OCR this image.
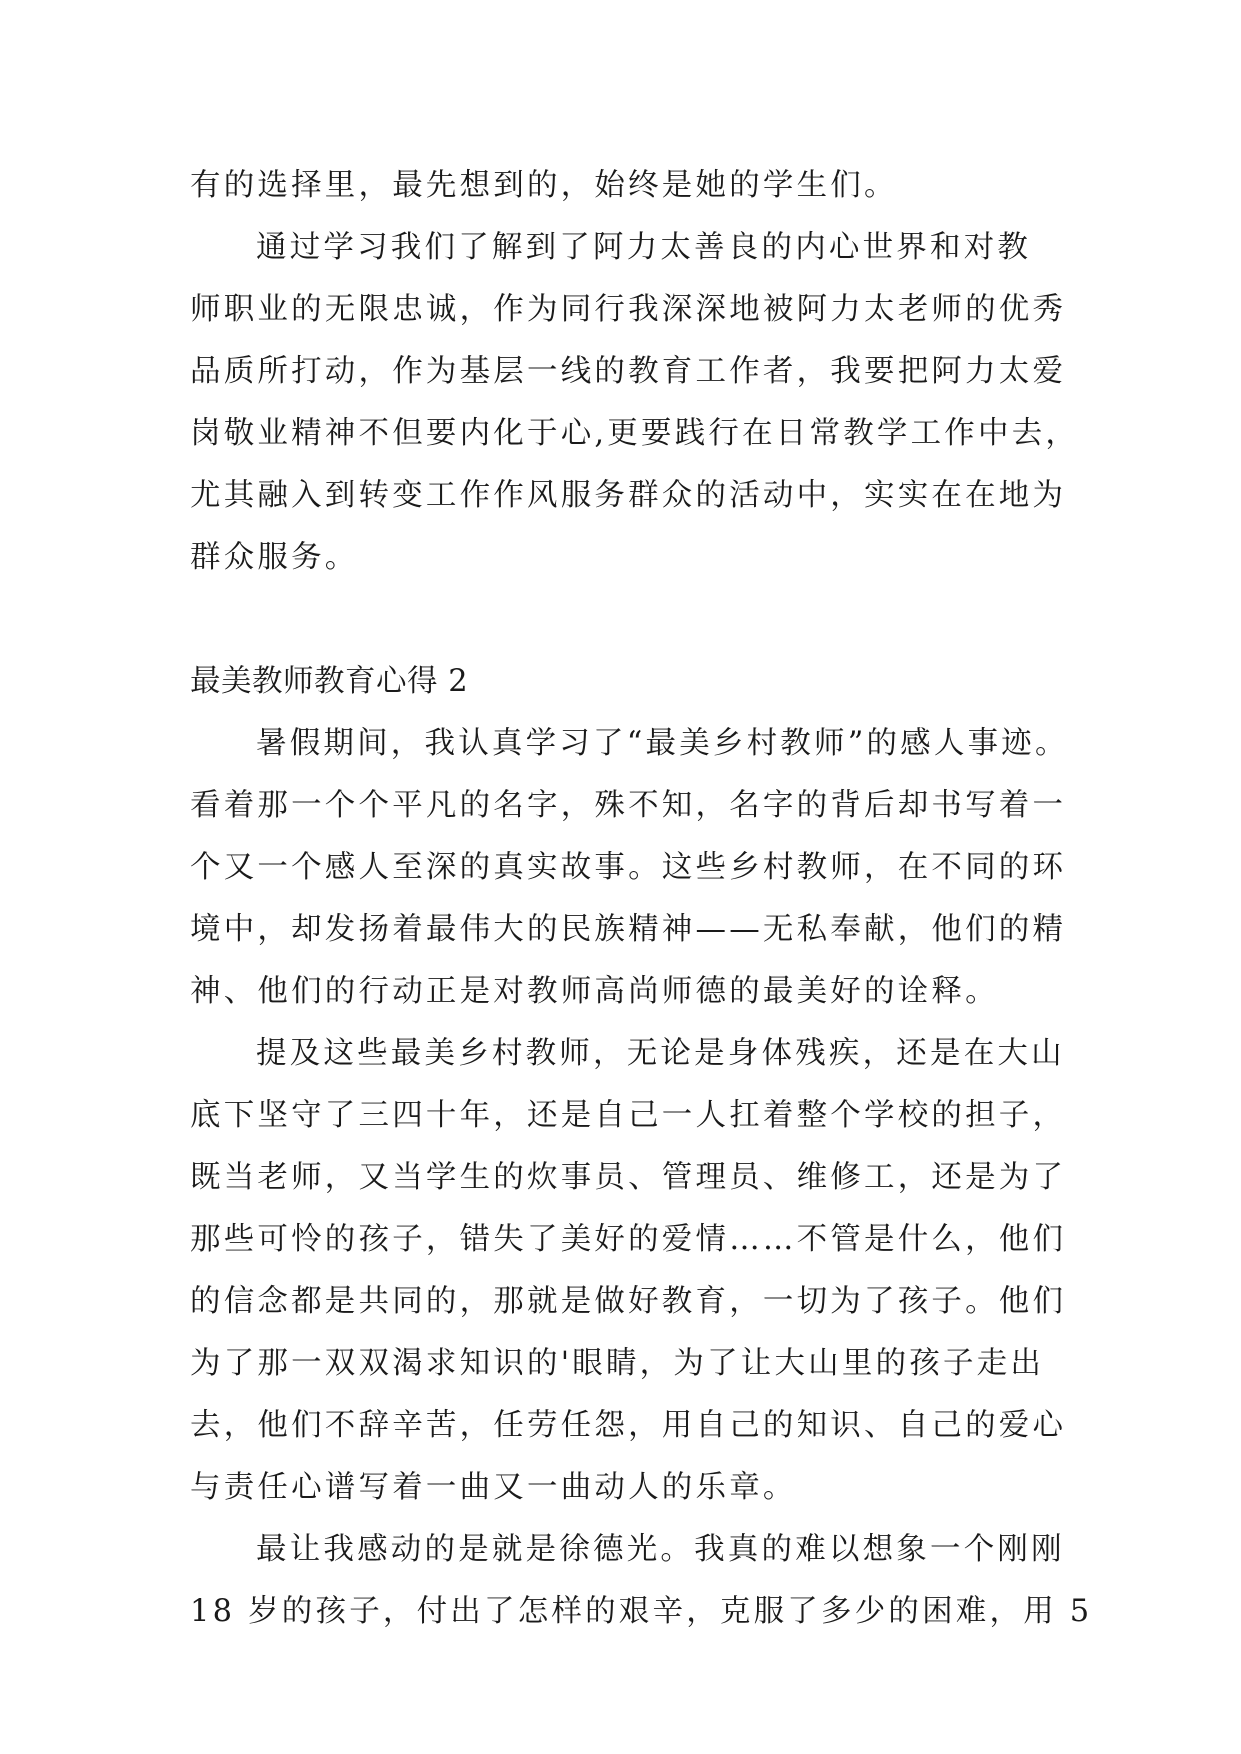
有的选择里，最先想到的，始终是她的学生们。
通过学习我们了解到了阿力太善良的内心世界和对教
师职业的无限忠诚，作为同行我深深地被阿力太老师的优秀
品质所打动，作为基层一线的教育工作者，我要把阿力太爱
岗敬业精神不但要内化于心,更要践行在日常教学工作中去，
尤其融入到转变工作作风服务群众的活动中，实实在在地为
群众服务。
最美教师教育心得 2
暑假期间，我认真学习了“最美乡村教师”的感人事迹。
看着那一个个平凡的名字，殊不知，名字的背后却书写着一
个又一个感人至深的真实故事。这些乡村教师，在不同的环
境中，却发扬着最伟大的民族精神——无私奉献，他们的精
神、他们的行动正是对教师高尚师德的最美好的诠释。
提及这些最美乡村教师，无论是身体残疾，还是在大山
底下坚守了三四十年，还是自己一人扛着整个学校的担子，
既当老师，又当学生的炊事员、管理员、维修工，还是为了
那些可怜的孩子，错失了美好的爱情……不管是什么，他们
的信念都是共同的，那就是做好教育，一切为了孩子。他们
为了那一双双渴求知识的'眼睛，为了让大山里的孩子走出
去，他们不辞辛苦，任劳任怨，用自己的知识、自己的爱心
与责任心谱写着一曲又一曲动人的乐章。
最让我感动的是就是徐德光。我真的难以想象一个刚刚
18 岁的孩子，付出了怎样的艰辛，克服了多少的困难，用 5
